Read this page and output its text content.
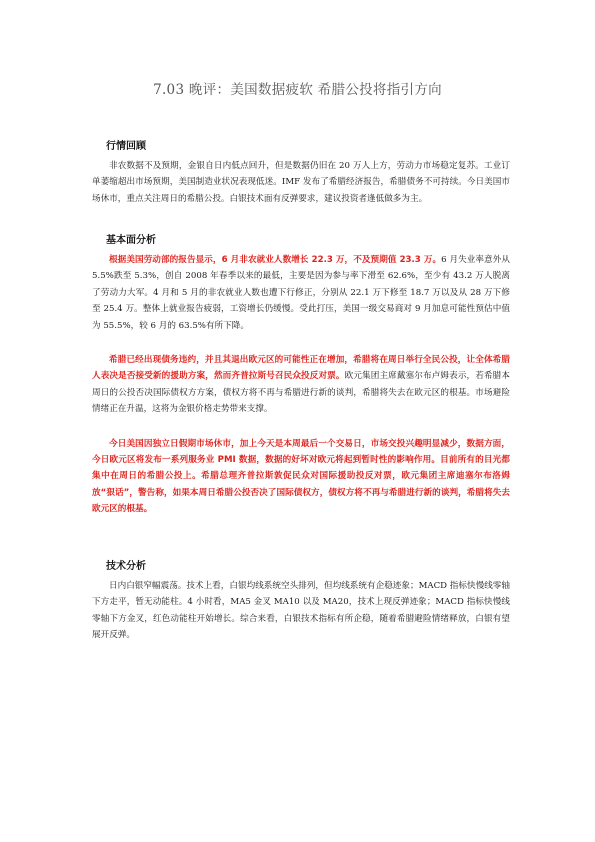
7.03 晚评：美国数据疲软 希腊公投将指引方向
行情回顾

非农数据不及预期，金银自日内低点回升，但是数据仍旧在 20 万人上方，劳动力市场稳定复苏。工业订单萎缩超出市场预期，美国制造业状况表现低迷。IMF 发布了希腊经济报告，希腊债务不可持续。今日美国市场休市，重点关注周日的希腊公投。白银技术面有反弹要求，建议投资者逢低做多为主。

基本面分析

根据美国劳动部的报告显示，6 月非农就业人数增长 22.3 万，不及预期值 23.3 万。6 月失业率意外从 5.5%跌至 5.3%，创自 2008 年春季以来的最低，主要是因为参与率下滑至 62.6%，至少有 43.2 万人脱离了劳动力大军。4 月和 5 月的非农就业人数也遭下行修正，分别从 22.1 万下修至 18.7 万以及从 28 万下修至 25.4 万。整体上就业报告疲弱，工资增长仍缓慢。受此打压，美国一级交易商对 9 月加息可能性预估中值为 55.5%，较 6 月的 63.5%有所下降。

希腊已经出现债务违约，并且其退出欧元区的可能性正在增加，希腊将在周日举行全民公投，让全体希腊人表决是否接受新的援助方案，然而齐普拉斯号召民众投反对票。欧元集团主席戴塞尔布卢姆表示，若希腊本周日的公投否决国际债权方方案，债权方将不再与希腊进行新的谈判，希腊将失去在欧元区的根基。市场避险情绪正在升温，这将为金银价格走势带来支撑。

今日美国因独立日假期市场休市，加上今天是本周最后一个交易日，市场交投兴趣明显减少，数据方面，今日欧元区将发布一系列服务业 PMI 数据，数据的好坏对欧元将起到暂时性的影响作用。目前所有的目光都集中在周日的希腊公投上。希腊总理齐普拉斯敦促民众对国际援助投反对票，欧元集团主席迪塞尔布洛姆放“狠话”，警告称，如果本周日希腊公投否决了国际债权方，债权方将不再与希腊进行新的谈判，希腊将失去欧元区的根基。

技术分析

日内白银窄幅震荡。技术上看，白银均线系统空头排列，但均线系统有企稳迹象；MACD 指标快慢线零轴下方走平，暂无动能柱。4 小时看，MA5 金叉 MA10 以及 MA20，技术上现反弹迹象；MACD 指标快慢线零轴下方金叉，红色动能柱开始增长。综合来看，白银技术指标有所企稳，随着希腊避险情绪释放，白银有望展开反弹。
